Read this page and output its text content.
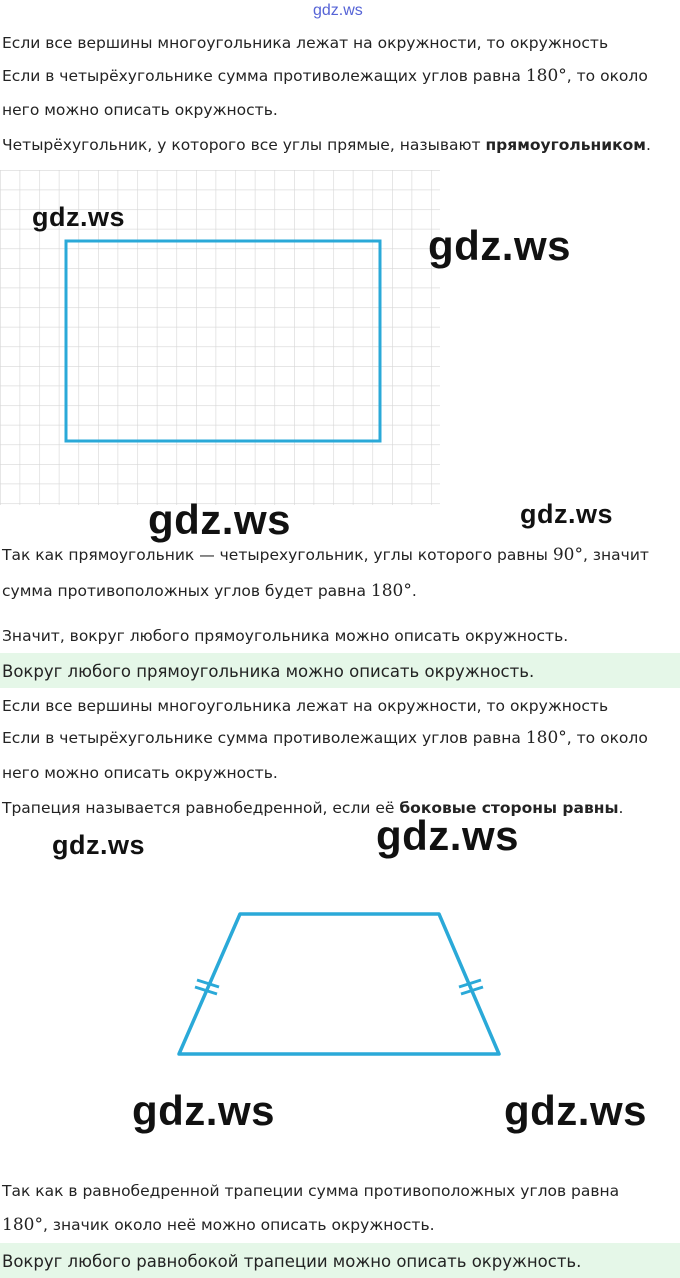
gdz.ws
Если все вершины многоугольника лежат на окружности, то окружность
Если в четырёхугольнике сумма противолежащих углов равна 180°, то около
него можно описать окружность.
Четырёхугольник, у которого все углы прямые, называют прямоугольником.
Так как прямоугольник — четырехугольник, углы которого равны 90°, значит
сумма противоположных углов будет равна 180°.
Значит, вокруг любого прямоугольника можно описать окружность.
Вокруг любого прямоугольника можно описать окружность.
Если все вершины многоугольника лежат на окружности, то окружность
Если в четырёхугольнике сумма противолежащих углов равна 180°, то около
него можно описать окружность.
Трапеция называется равнобедренной, если её боковые стороны равны.
Так как в равнобедренной трапеции сумма противоположных углов равна
180°, значик около неё можно описать окружность.
Вокруг любого равнобокой трапеции можно описать окружность.
gdz.ws
gdz.ws
gdz.ws	gdz.ws
gdz.ws	gdz.ws
gdz.ws	gdz.ws
